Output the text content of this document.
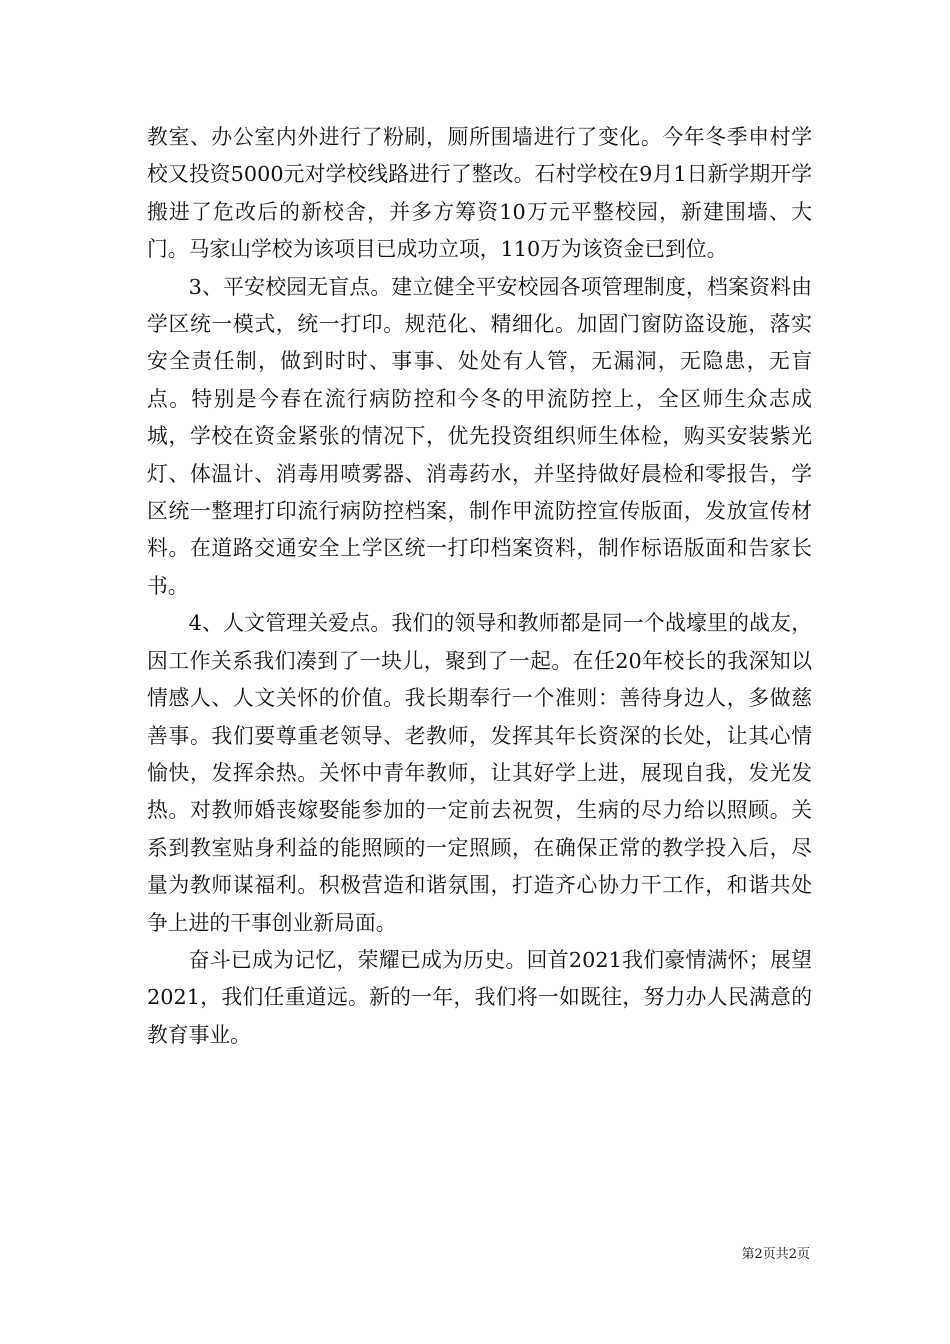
教室、办公室内外进行了粉刷，厕所围墙进行了变化。今年冬季申村学校又投资5000元对学校线路进行了整改。石村学校在9月1日新学期开学搬进了危改后的新校舍，并多方筹资10万元平整校园，新建围墙、大门。马家山学校为该项目已成功立项，110万为该资金已到位。

3、平安校园无盲点。建立健全平安校园各项管理制度，档案资料由学区统一模式，统一打印。规范化、精细化。加固门窗防盗设施，落实安全责任制，做到时时、事事、处处有人管，无漏洞，无隐患，无盲点。特别是今春在流行病防控和今冬的甲流防控上，全区师生众志成城，学校在资金紧张的情况下，优先投资组织师生体检，购买安装紫光灯、体温计、消毒用喷雾器、消毒药水，并坚持做好晨检和零报告，学区统一整理打印流行病防控档案，制作甲流防控宣传版面，发放宣传材料。在道路交通安全上学区统一打印档案资料，制作标语版面和告家长书。

4、人文管理关爱点。我们的领导和教师都是同一个战壕里的战友，因工作关系我们凑到了一块儿，聚到了一起。在任20年校长的我深知以情感人、人文关怀的价值。我长期奉行一个准则：善待身边人，多做慈善事。我们要尊重老领导、老教师，发挥其年长资深的长处，让其心情愉快，发挥余热。关怀中青年教师，让其好学上进，展现自我，发光发热。对教师婚丧嫁娶能参加的一定前去祝贺，生病的尽力给以照顾。关系到教室贴身利益的能照顾的一定照顾，在确保正常的教学投入后，尽量为教师谋福利。积极营造和谐氛围，打造齐心协力干工作，和谐共处争上进的干事创业新局面。

奋斗已成为记忆，荣耀已成为历史。回首2021我们豪情满怀；展望2021，我们任重道远。新的一年，我们将一如既往，努力办人民满意的教育事业。

第2页共2页
